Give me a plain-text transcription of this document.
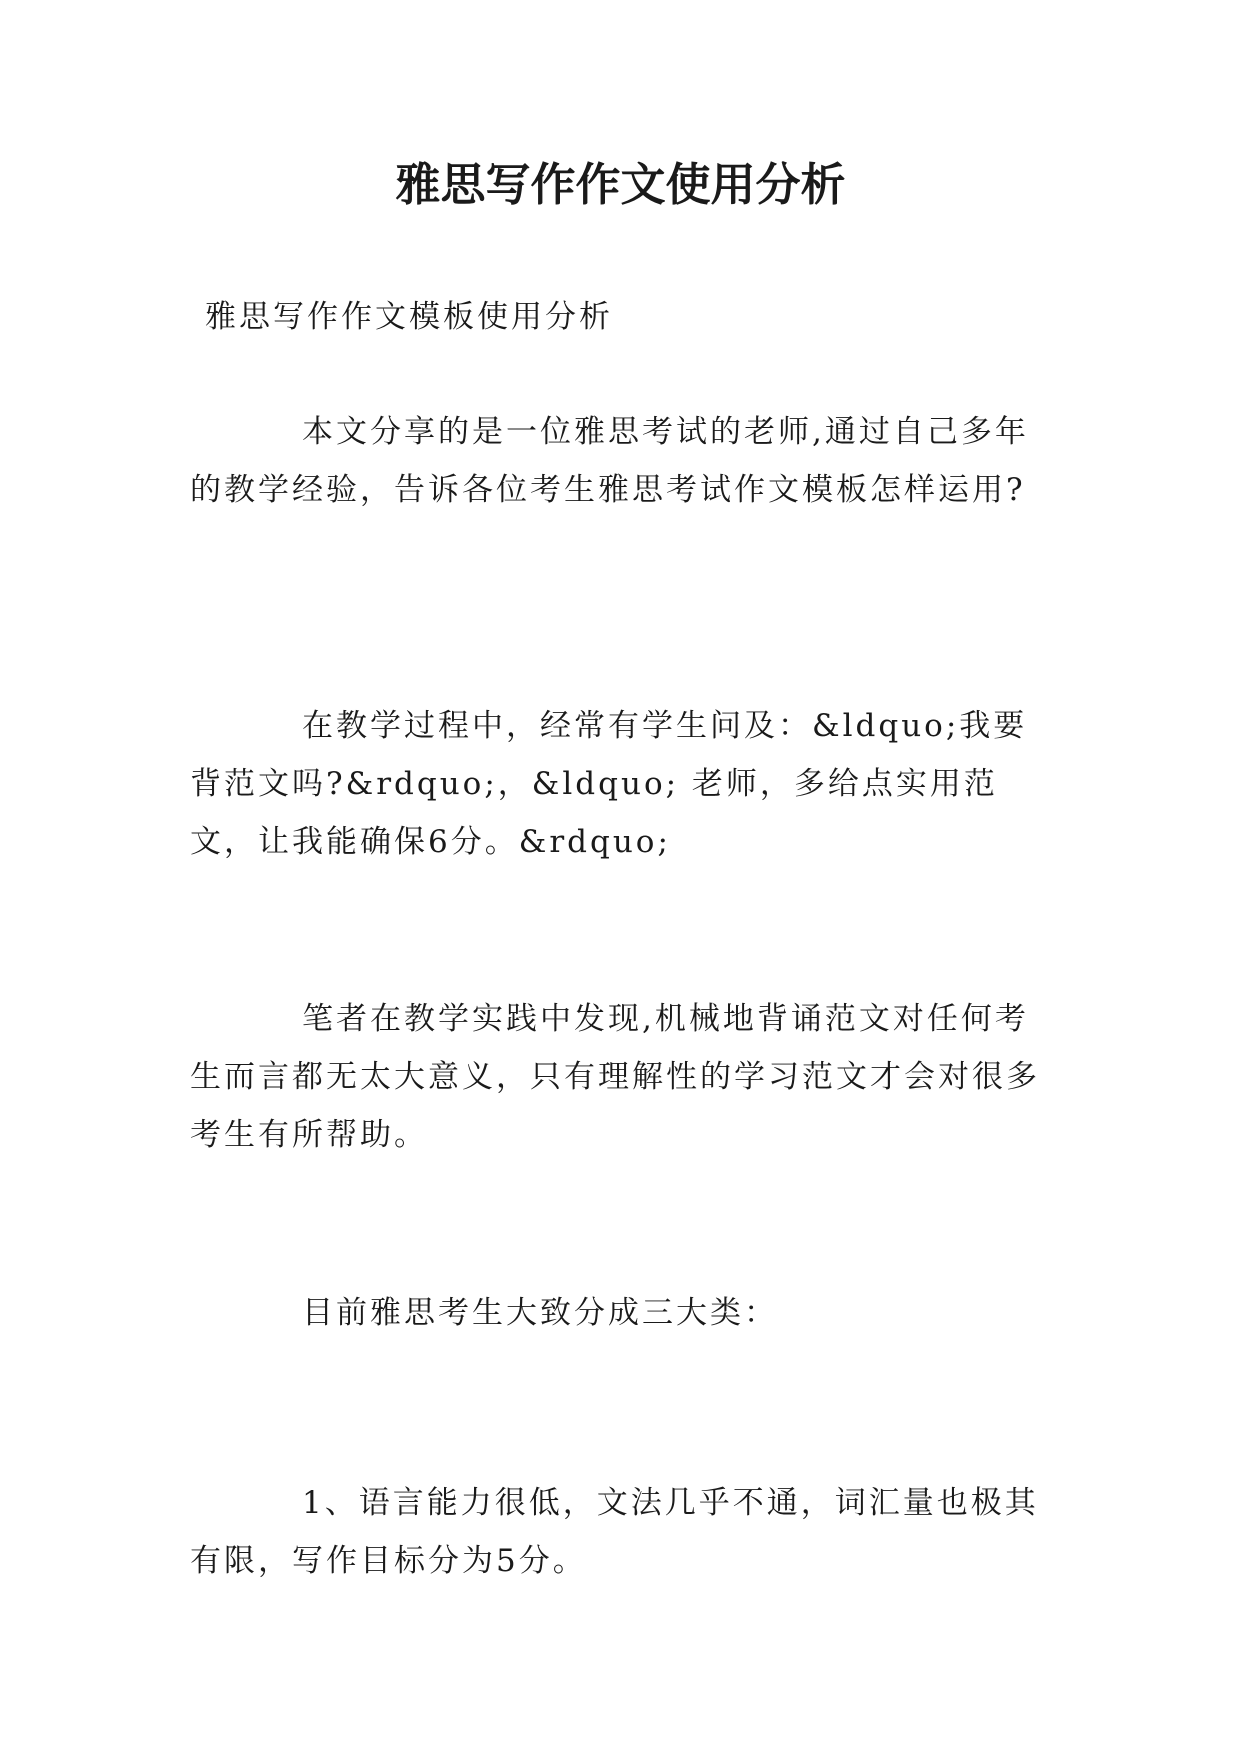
雅思写作作文使用分析

雅思写作作文模板使用分析

本文分享的是一位雅思考试的老师,通过自己多年的教学经验，告诉各位考生雅思考试作文模板怎样运用?

在教学过程中，经常有学生问及：&ldquo;我要背范文吗?&rdquo;，&ldquo; 老师，多给点实用范文，让我能确保6分。&rdquo;

笔者在教学实践中发现,机械地背诵范文对任何考生而言都无太大意义，只有理解性的学习范文才会对很多考生有所帮助。

目前雅思考生大致分成三大类：

1、语言能力很低，文法几乎不通，词汇量也极其有限，写作目标分为5分。
